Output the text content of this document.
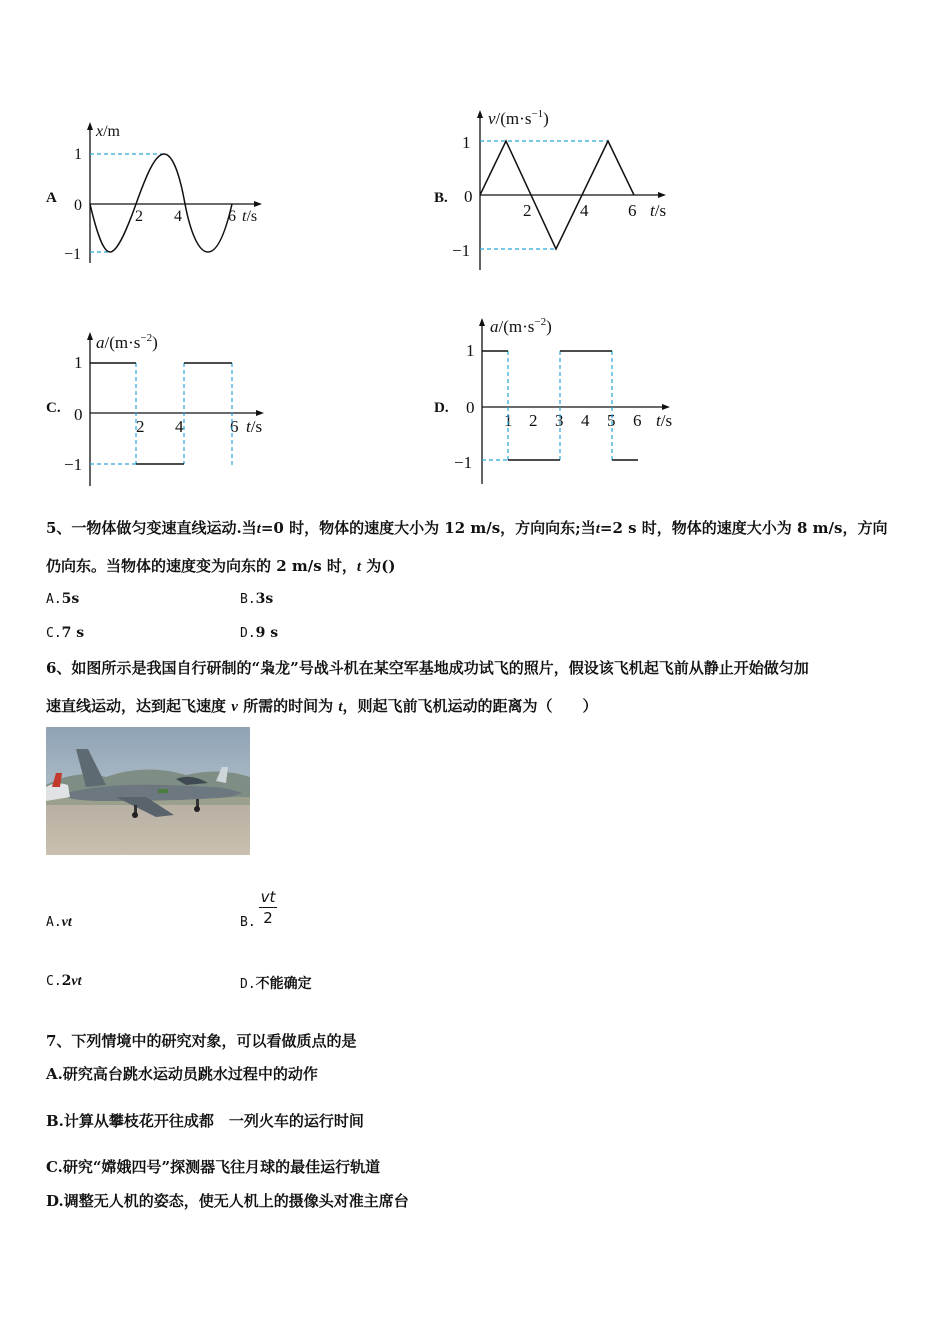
A
x/m
1
0
−1
2 4	6 t/s
B.
$v/(m\cdot s^{-1})$
1
0
−1
2	4 6 t/s
C.
$a/(m\cdot s^{-2})$
1
0
−1
2 4	6 t/s
D.
$a/(m\cdot s^{-2})$
1
0
−1
1 2 3 4 5 6 t/s
5、一物体做匀变速直线运动.当t=0 时，物体的速度大小为 12 m/s，方向向东;当t=2 s 时，物体的速度大小为 8 m/s，方向
仍向东。当物体的速度变为向东的 2 m/s 时，t 为()
A.5s	B.3s
C.7 s	D.9 s
6、如图所示是我国自行研制的“枭龙”号战斗机在某空军基地成功试飞的照片，假设该飞机起飞前从静止开始做匀加
速直线运动，达到起飞速度 v 所需的时间为 t，则起飞前飞机运动的距离为（　　）
A.vt	B.
vt
2
C.2vt	D.不能确定
7、下列情境中的研究对象，可以看做质点的是
A.研究高台跳水运动员跳水过程中的动作
B.计算从攀枝花开往成都　一列火车的运行时间
C.研究“嫦娥四号”探测器飞往月球的最佳运行轨道
D.调整无人机的姿态，使无人机上的摄像头对准主席台
